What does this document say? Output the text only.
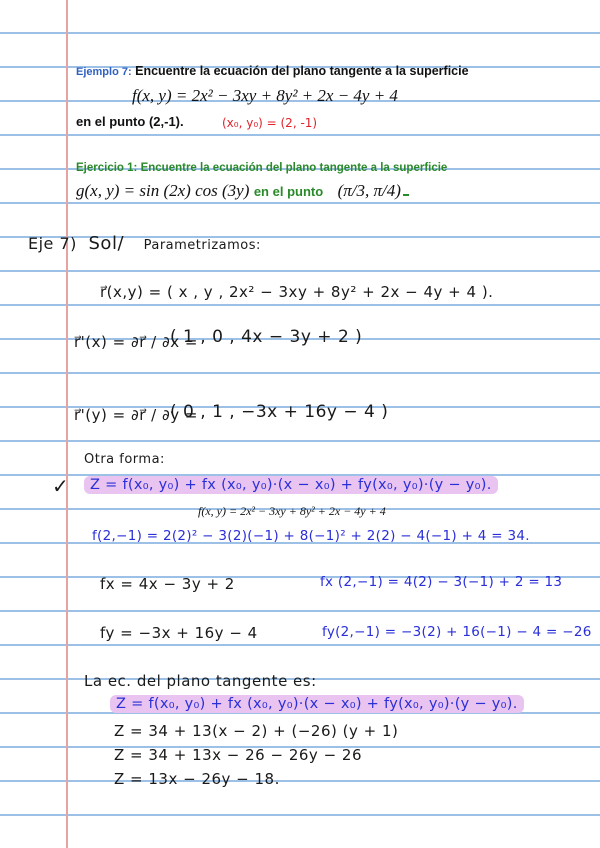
Ejemplo 7: Encuentre la ecuación del plano tangente a la superficie
f(x, y) = 2x² − 3xy + 8y² + 2x − 4y + 4
en el punto (2,-1).	(x₀, y₀) = (2, -1)
Ejercicio 1: Encuentre la ecuación del plano tangente a la superficie
g(x, y) = sin (2x) cos (3y) en el punto (π/3, π/4)
Eje 7) Sol/ Parametrizamos:
r⃗(x,y) = ( x , y , 2x² − 3xy + 8y² + 2x − 4y + 4 ).
r⃗'(x) = ∂r⃗ / ∂x =
( 1 , 0 , 4x − 3y + 2 )
r⃗'(y) = ∂r⃗ / ∂y =
( 0 , 1 , −3x + 16y − 4 )
Otra forma:
✓	Z = f(x₀, y₀) + fx (x₀, y₀)·(x − x₀) + fy(x₀, y₀)·(y − y₀).
f(x, y) = 2x² − 3xy + 8y² + 2x − 4y + 4
f(2,−1) = 2(2)² − 3(2)(−1) + 8(−1)² + 2(2) − 4(−1) + 4 = 34.
fx = 4x − 3y + 2	fx (2,−1) = 4(2) − 3(−1) + 2 = 13
fy = −3x + 16y − 4	fy(2,−1) = −3(2) + 16(−1) − 4 = −26
La ec. del plano tangente es:
Z = f(x₀, y₀) + fx (x₀, y₀)·(x − x₀) + fy(x₀, y₀)·(y − y₀).
Z = 34 + 13(x − 2) + (−26) (y + 1)
Z = 34 + 13x − 26 − 26y − 26
Z = 13x − 26y − 18.
